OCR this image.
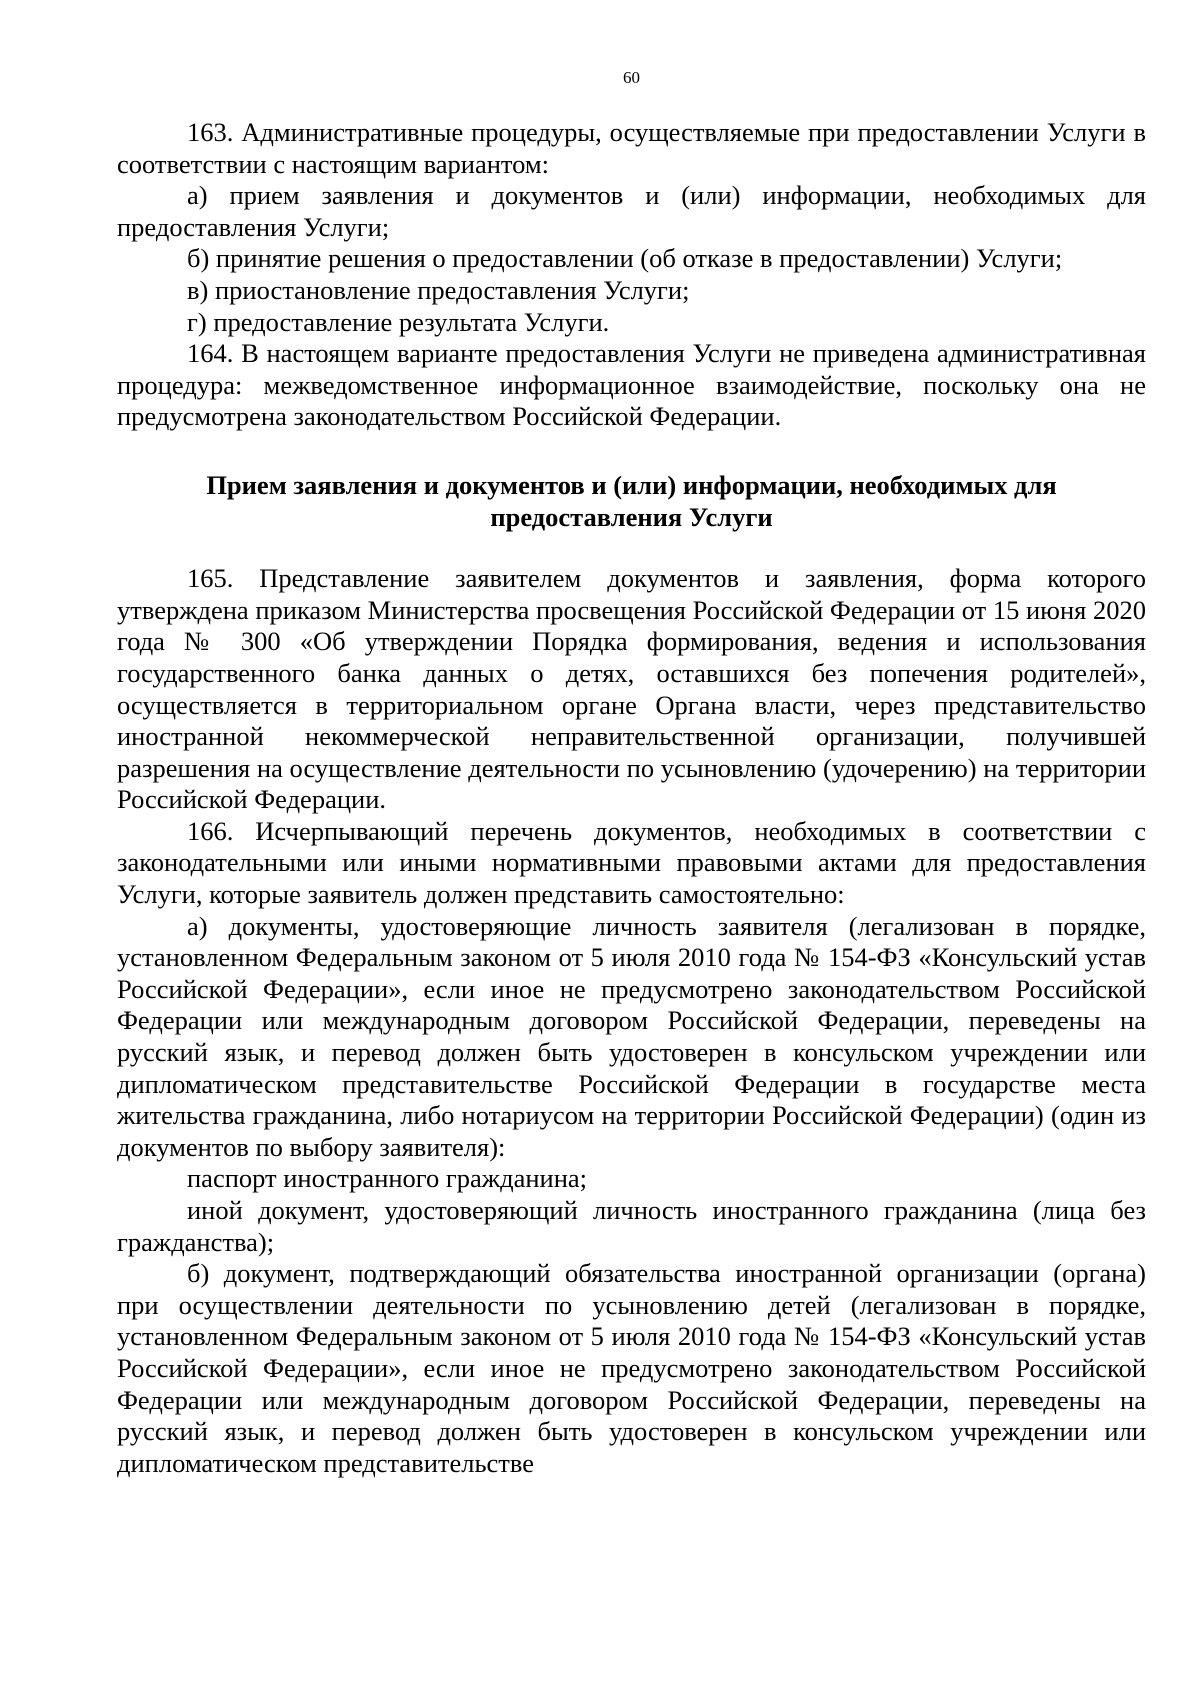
60

163. Административные процедуры, осуществляемые при предоставлении Услуги в соответствии с настоящим вариантом:

а) прием заявления и документов и (или) информации, необходимых для предоставления Услуги;

б) принятие решения о предоставлении (об отказе в предоставлении) Услуги;

в) приостановление предоставления Услуги;

г) предоставление результата Услуги.

164. В настоящем варианте предоставления Услуги не приведена административная процедура: межведомственное информационное взаимодействие, поскольку она не предусмотрена законодательством Российской Федерации.

Прием заявления и документов и (или) информации, необходимых для предоставления Услуги

165. Представление заявителем документов и заявления, форма которого утверждена приказом Министерства просвещения Российской Федерации от 15 июня 2020 года № 300 «Об утверждении Порядка формирования, ведения и использования государственного банка данных о детях, оставшихся без попечения родителей», осуществляется в территориальном органе Органа власти, через представительство иностранной некоммерческой неправительственной организации, получившей разрешения на осуществление деятельности по усыновлению (удочерению) на территории Российской Федерации.

166. Исчерпывающий перечень документов, необходимых в соответствии с законодательными или иными нормативными правовыми актами для предоставления Услуги, которые заявитель должен представить самостоятельно:

а) документы, удостоверяющие личность заявителя (легализован в порядке, установленном Федеральным законом от 5 июля 2010 года № 154-ФЗ «Консульский устав Российской Федерации», если иное не предусмотрено законодательством Российской Федерации или международным договором Российской Федерации, переведены на русский язык, и перевод должен быть удостоверен в консульском учреждении или дипломатическом представительстве Российской Федерации в государстве места жительства гражданина, либо нотариусом на территории Российской Федерации) (один из документов по выбору заявителя):

паспорт иностранного гражданина;

иной документ, удостоверяющий личность иностранного гражданина (лица без гражданства);

б) документ, подтверждающий обязательства иностранной организации (органа) при осуществлении деятельности по усыновлению детей (легализован в порядке, установленном Федеральным законом от 5 июля 2010 года № 154-ФЗ «Консульский устав Российской Федерации», если иное не предусмотрено законодательством Российской Федерации или международным договором Российской Федерации, переведены на русский язык, и перевод должен быть удостоверен в консульском учреждении или дипломатическом представительстве
